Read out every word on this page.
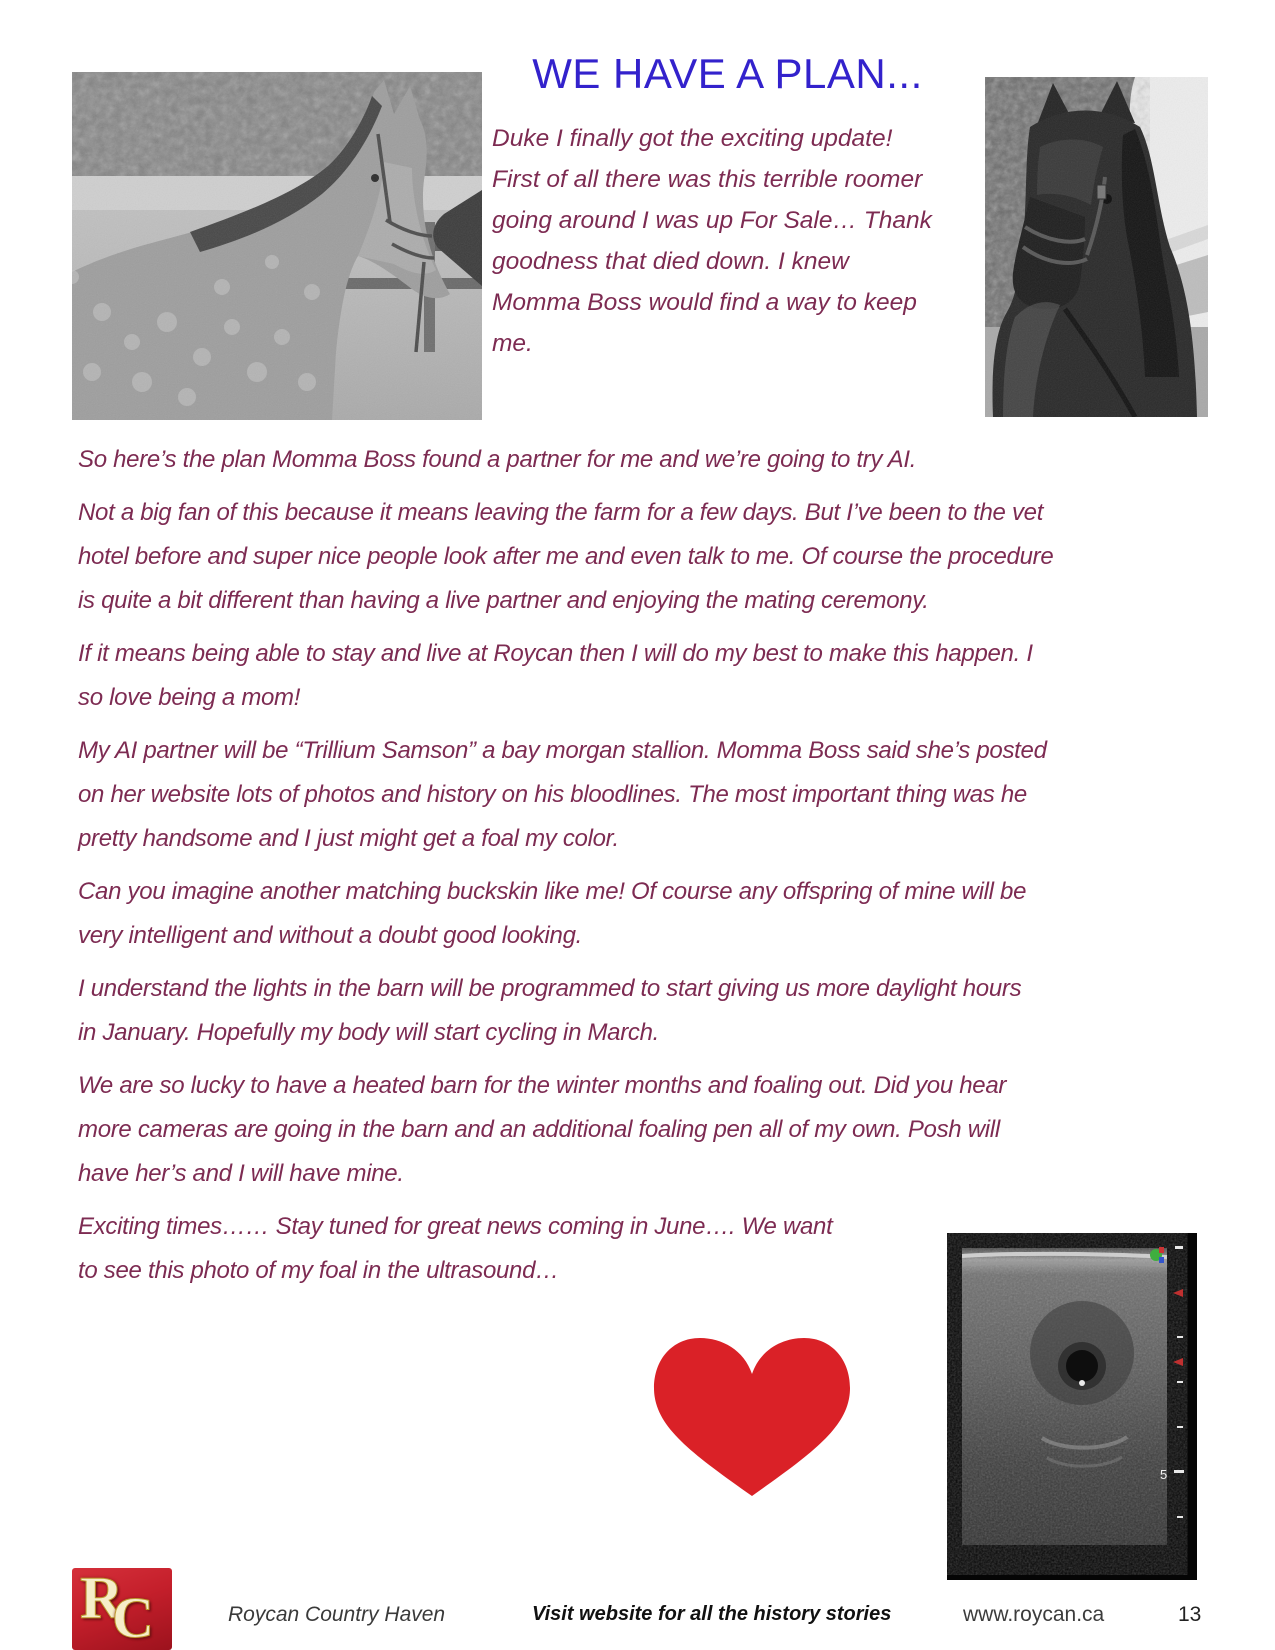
WE HAVE A PLAN...
Duke I finally got the exciting update!
First of all there was this terrible roomer
going around I was up For Sale… Thank
goodness that died down. I knew
Momma Boss would find a way to keep
me.
So here’s the plan Momma Boss found a partner for me and we’re going to try AI.
Not a big fan of this because it means leaving the farm for a few days. But I’ve been to the vet
hotel before and super nice people look after me and even talk to me. Of course the procedure
is quite a bit different than having a live partner and enjoying the mating ceremony.
If it means being able to stay and live at Roycan then I will do my best to make this happen. I
so love being a mom!
My AI partner will be “Trillium Samson” a bay morgan stallion. Momma Boss said she’s posted
on her website lots of photos and history on his bloodlines. The most important thing was he
pretty handsome and I just might get a foal my color.
Can you imagine another matching buckskin like me! Of course any offspring of mine will be
very intelligent and without a doubt good looking.
I understand the lights in the barn will be programmed to start giving us more daylight hours
in January. Hopefully my body will start cycling in March.
We are so lucky to have a heated barn for the winter months and foaling out. Did you hear
more cameras are going in the barn and an additional foaling pen all of my own. Posh will
have her’s and I will have mine.
Exciting times…… Stay tuned for great news coming in June…. We want
to see this photo of my foal in the ultrasound…
5
R
C	Roycan Country Haven	Visit website for all the history stories	www.roycan.ca	13
